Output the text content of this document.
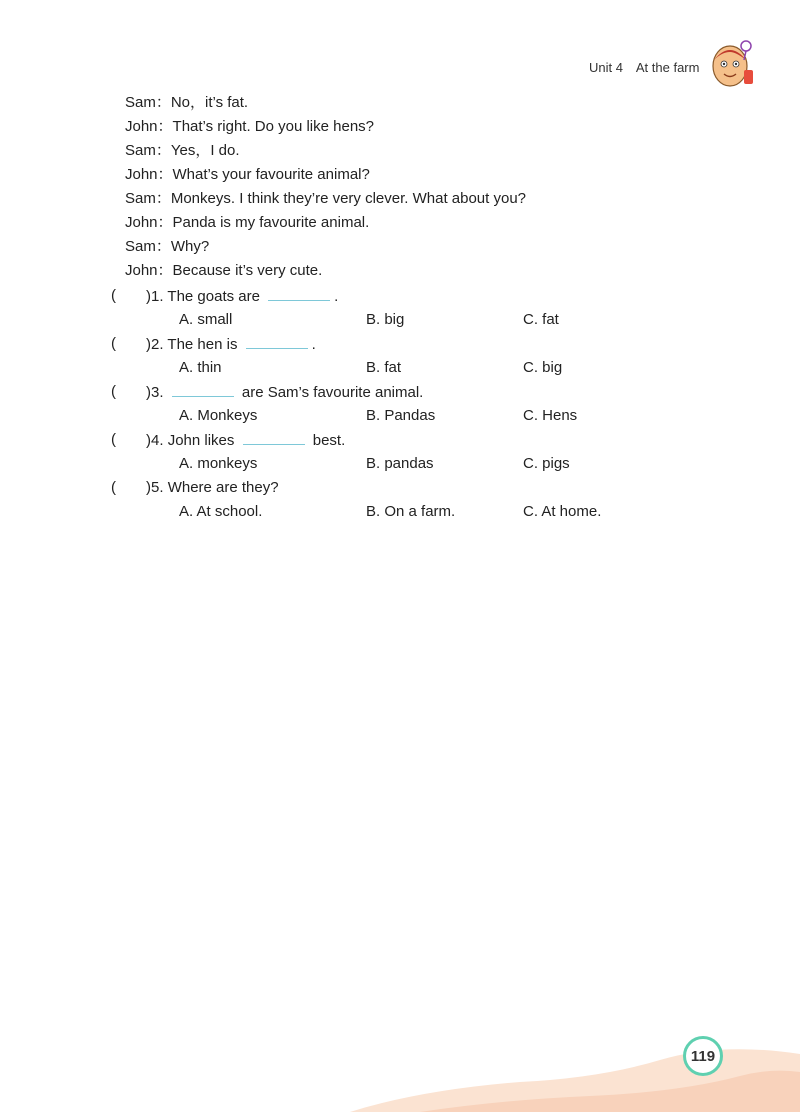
Unit 4 At the farm
Sam：No，it’s fat.
John：That’s right. Do you like hens?
Sam：Yes，I do.
John：What’s your favourite animal?
Sam：Monkeys. I think they’re very clever. What about you?
John：Panda is my favourite animal.
Sam：Why?
John：Because it’s very cute.
( )1. The goats are	.
A. small	B. big	C. fat
( )2. The hen is	.
A. thin	B. fat	C. big
( )3.	are Sam’s favourite animal.
A. Monkeys	B. Pandas	C. Hens
( )4. John likes	best.
A. monkeys	B. pandas	C. pigs
( )5. Where are they?
A. At school.	B. On a farm.	C. At home.
119
